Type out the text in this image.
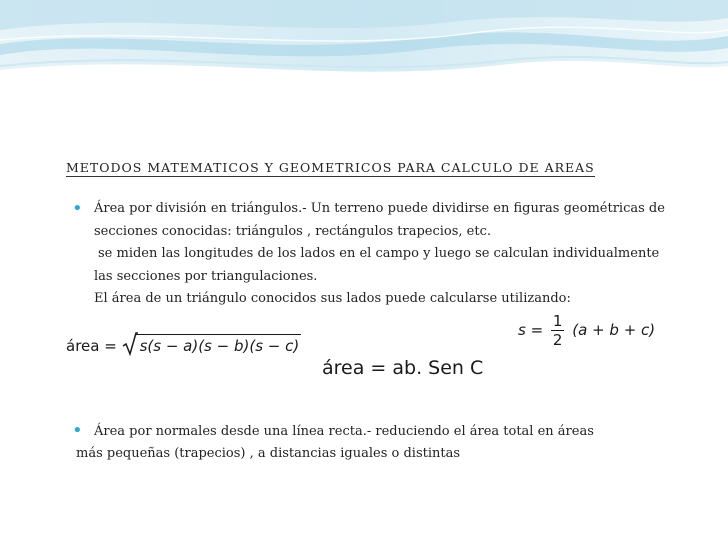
METODOS MATEMATICOS Y GEOMETRICOS PARA CALCULO DE AREAS
• Área por división en triángulos.- Un terreno puede dividirse en figuras geométricas de
secciones conocidas: triángulos , rectángulos trapecios, etc.
se miden las longitudes de los lados en el campo y luego se calculan individualmente
las secciones por triangulaciones.
El área de un triángulo conocidos sus lados puede calcularse utilizando:
área =
s(s − a)(s − b)(s − c)
área = ab. Sen C
$s = \frac{1}{2} (a + b + c)$
• Área por normales desde una línea recta.- reduciendo el área total en áreas
más pequeñas (trapecios) , a distancias iguales o distintas
